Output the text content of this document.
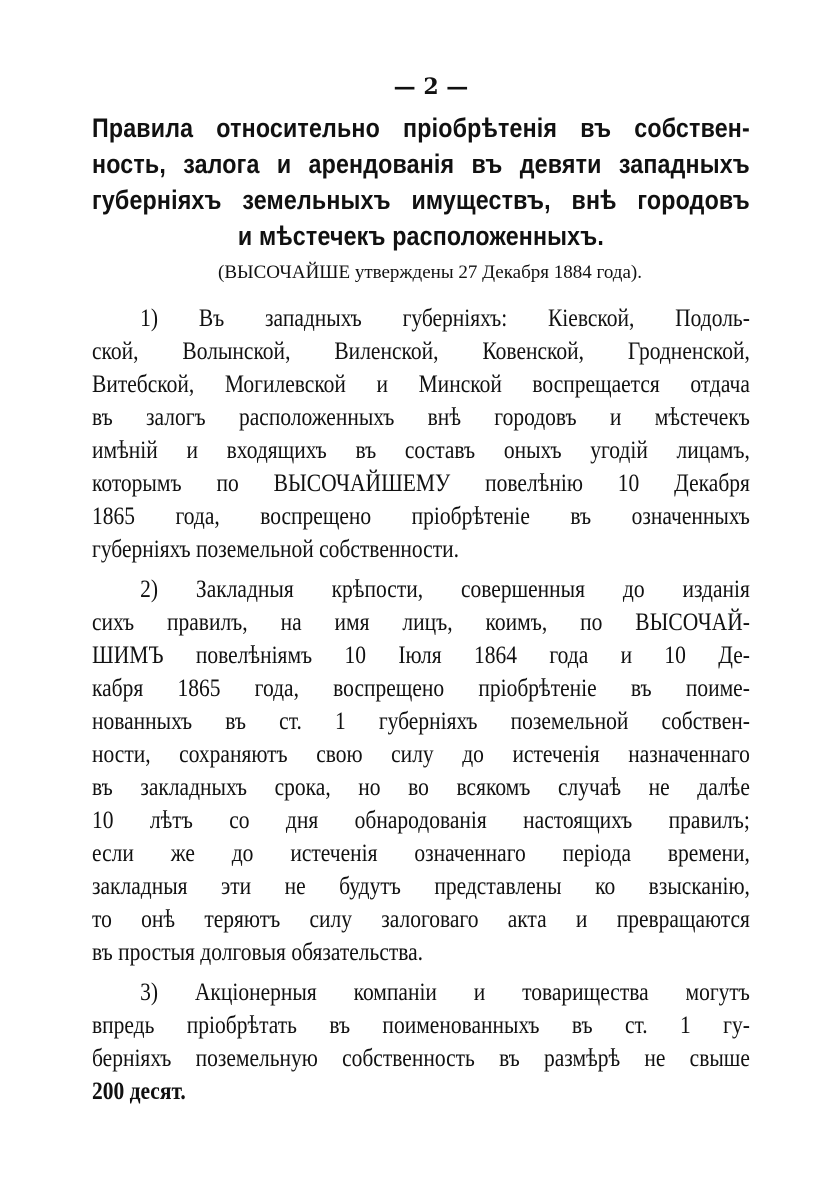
— 2 —
Правила относительно пріобрѣтенія въ собствен-
ность, залога и арендованія въ девяти западныхъ
губерніяхъ земельныхъ имуществъ, внѣ городовъ
и мѣстечекъ расположенныхъ.
(ВЫСОЧАЙШЕ утверждены 27 Декабря 1884 года).
1) Въ западныхъ губерніяхъ: Кіевской, Подоль-
ской, Волынской, Виленской, Ковенской, Гродненской,
Витебской, Могилевской и Минской воспрещается отдача
въ залогъ расположенныхъ внѣ городовъ и мѣстечекъ
имѣній и входящихъ въ составъ оныхъ угодій лицамъ,
которымъ по ВЫСОЧАЙШЕМУ повелѣнію 10 Декабря
1865 года, воспрещено пріобрѣтеніе въ означенныхъ
губерніяхъ поземельной собственности.
2) Закладныя крѣпости, совершенныя до изданія
сихъ правилъ, на имя лицъ, коимъ, по ВЫСОЧАЙ-
ШИМЪ повелѣніямъ 10 Іюля 1864 года и 10 Де-
кабря 1865 года, воспрещено пріобрѣтеніе въ поиме-
нованныхъ въ ст. 1 губерніяхъ поземельной собствен-
ности, сохраняютъ свою силу до истеченія назначеннаго
въ закладныхъ срока, но во всякомъ случаѣ не далѣе
10 лѣтъ со дня обнародованія настоящихъ правилъ;
если же до истеченія означеннаго періода времени,
закладныя эти не будутъ представлены ко взысканію,
то онѣ теряютъ силу залоговаго акта и превращаются
въ простыя долговыя обязательства.
3) Акціонерныя компаніи и товарищества могутъ
впредь пріобрѣтать въ поименованныхъ въ ст. 1 гу-
берніяхъ поземельную собственность въ размѣрѣ не свыше
200 десят.
